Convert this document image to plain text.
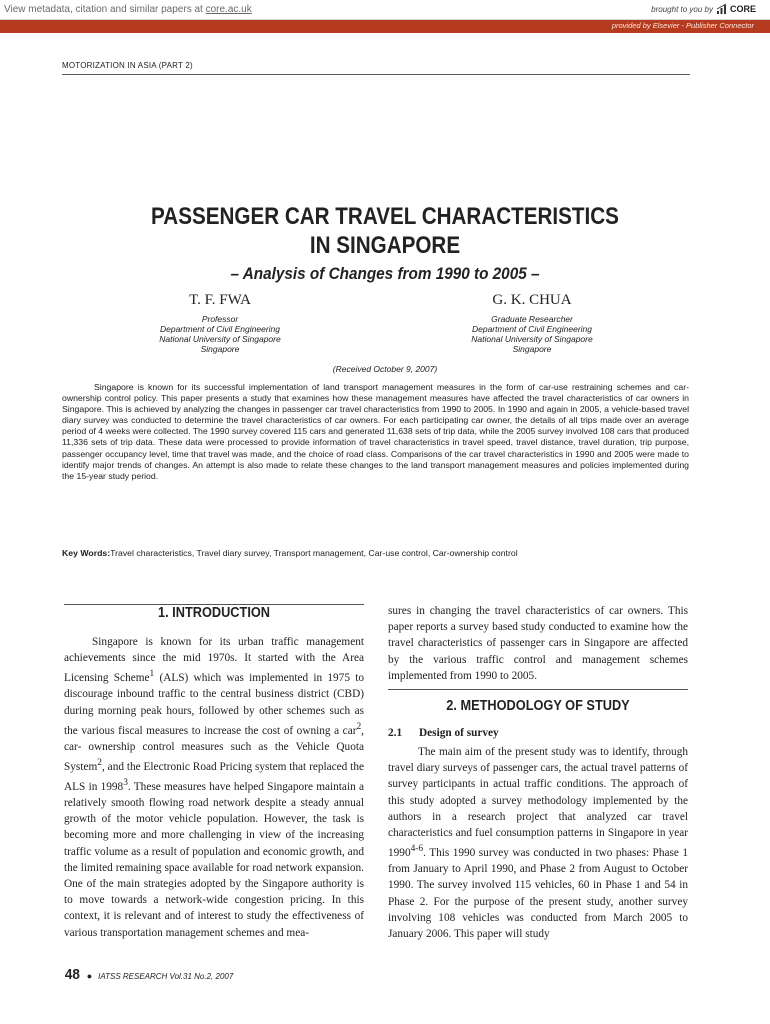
View metadata, citation and similar papers at core.ac.uk	brought to you by CORE
provided by Elsevier - Publisher Connector
MOTORIZATION IN ASIA (PART 2)
PASSENGER CAR TRAVEL CHARACTERISTICS
IN SINGAPORE
– Analysis of Changes from 1990 to 2005 –
T. F. FWA
Professor
Department of Civil Engineering
National University of Singapore
Singapore
G. K. CHUA
Graduate Researcher
Department of Civil Engineering
National University of Singapore
Singapore
(Received October 9, 2007)

Singapore is known for its successful implementation of land transport management measures in the form of car-use restraining schemes and car-ownership control policy. This paper presents a study that examines how these management measures have affected the travel characteristics of car owners in Singapore. This is achieved by analyzing the changes in passenger car travel characteristics from 1990 to 2005. In 1990 and again in 2005, a vehicle-based travel diary survey was conducted to determine the travel characteristics of car owners. For each participating car owner, the details of all trips made over an average period of 4 weeks were collected. The 1990 survey covered 115 cars and generated 11,638 sets of trip data, while the 2005 survey involved 108 cars that produced 11,336 sets of trip data. These data were processed to provide information of travel characteristics in travel speed, travel distance, travel duration, trip purpose, passenger occupancy level, time that travel was made, and the choice of road class. Comparisons of the car travel characteristics in 1990 and 2005 were made to identify major trends of changes. An attempt is also made to relate these changes to the land transport management measures and policies implemented during the 15-year study period.

Key Words:Travel characteristics, Travel diary survey, Transport management, Car-use control, Car-ownership control
1. INTRODUCTION

Singapore is known for its urban traffic management achievements since the mid 1970s. It started with the Area Licensing Scheme$^1$ (ALS) which was implemented in 1975 to discourage inbound traffic to the central business district (CBD) during morning peak hours, followed by other schemes such as the various fiscal measures to increase the cost of owning a car$^2$, car- ownership control measures such as the Vehicle Quota System$^2$, and the Electronic Road Pricing system that replaced the ALS in 1998$^3$. These measures have helped Singapore maintain a relatively smooth flowing road network despite a steady annual growth of the motor vehicle population. However, the task is becoming more and more challenging in view of the increasing traffic volume as a result of population and economic growth, and the limited remaining space available for road network expansion. One of the main strategies adopted by the Singapore authority is to move towards a network-wide congestion pricing. In this context, it is relevant and of interest to study the effectiveness of various transportation management schemes and mea-

sures in changing the travel characteristics of car owners. This paper reports a survey based study conducted to examine how the travel characteristics of passenger cars in Singapore are affected by the various traffic control and management schemes implemented from 1990 to 2005.

2. METHODOLOGY OF STUDY
2.1 Design of survey

The main aim of the present study was to identify, through travel diary surveys of passenger cars, the actual travel patterns of survey participants in actual traffic conditions. The approach of this study adopted a survey methodology implemented by the authors in a research project that analyzed car travel characteristics and fuel consumption patterns in Singapore in year 1990$^{4-6}$. This 1990 survey was conducted in two phases: Phase 1 from January to April 1990, and Phase 2 from August to October 1990. The survey involved 115 vehicles, 60 in Phase 1 and 54 in Phase 2. For the purpose of the present study, another survey involving 108 vehicles was conducted from March 2005 to January 2006. This paper will study

48 ● IATSS RESEARCH Vol.31 No.2, 2007
